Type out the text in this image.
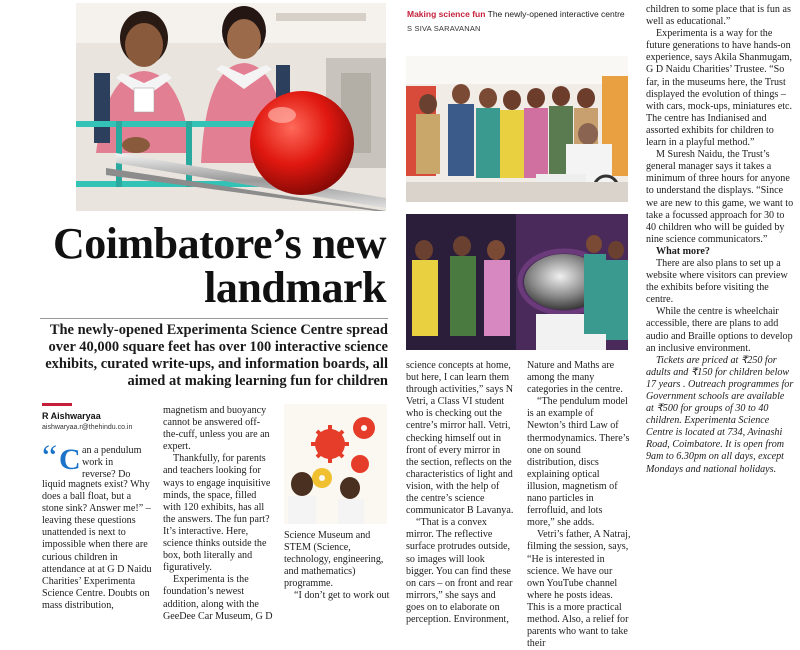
Making science fun The newly-opened interactive centre
S SIVA SARAVANAN
Coimbatore’s new
landmark
The newly-opened Experimenta Science Centre spread
over 40,000 square feet has over 100 interactive science
exhibits, curated write-ups, and information boards, all
aimed at making learning fun for children
R Aishwaryaa
aishwaryaa.r@thehindu.co.in
“ C an a pendulum
work in
reverse? Do
liquid magnets exist? Why
does a ball float, but a
stone sink? Answer me!” –
leaving these questions
unattended is next to
impossible when there are
curious children in
attendance at at G D Naidu
Charities’ Experimenta
Science Centre. Doubts on
mass distribution,

magnetism and buoyancy cannot be answered off-the-cuff, unless you are an expert.

Thankfully, for parents and teachers looking for ways to engage inquisitive minds, the space, filled with 120 exhibits, has all the answers. The fun part? It’s interactive. Here, science thinks outside the box, both literally and figuratively.

Experimenta is the foundation’s newest addition, along with the GeeDee Car Museum, G D

Science Museum and STEM (Science, technology, engineering, and mathematics) programme.

“I don’t get to work out

science concepts at home, but here, I can learn them through activities,” says N Vetri, a Class VI student who is checking out the centre’s mirror hall. Vetri, checking himself out in front of every mirror in the section, reflects on the characteristics of light and vision, with the help of the centre’s science communicator B Lavanya.

“That is a convex mirror. The reflective surface protrudes outside, so images will look bigger. You can find these on cars – on front and rear mirrors,” she says and goes on to elaborate on perception. Environment,

Nature and Maths are among the many categories in the centre.

“The pendulum model is an example of Newton’s third Law of thermodynamics. There’s one on sound distribution, discs explaining optical illusion, magnetism of nano particles in ferrofluid, and lots more,” she adds.

Vetri’s father, A Natraj, filming the session, says, “He is interested in science. We have our own YouTube channel where he posts ideas. This is a more practical method. Also, a relief for parents who want to take their

children to some place that is fun as well as educational.”

Experimenta is a way for the future generations to have hands-on experience, says Akila Shanmugam, G D Naidu Charities’ Trustee. “So far, in the museums here, the Trust displayed the evolution of things – with cars, mock-ups, miniatures etc. The centre has Indianised and assorted exhibits for children to learn in a playful method.”

M Suresh Naidu, the Trust’s general manager says it takes a minimum of three hours for anyone to understand the displays. “Since we are new to this game, we want to take a focussed approach for 30 to 40 children who will be guided by nine science communicators.”

What more?

There are also plans to set up a website where visitors can preview the exhibits before visiting the centre.

While the centre is wheelchair accessible, there are plans to add audio and Braille options to develop an inclusive environment.

Tickets are priced at ₹250 for adults and ₹150 for children below 17 years . Outreach programmes for Government schools are available at ₹500 for groups of 30 to 40 children. Experimenta Science Centre is located at 734, Avinashi Road, Coimbatore. It is open from 9am to 6.30pm on all days, except Mondays and national holidays.
